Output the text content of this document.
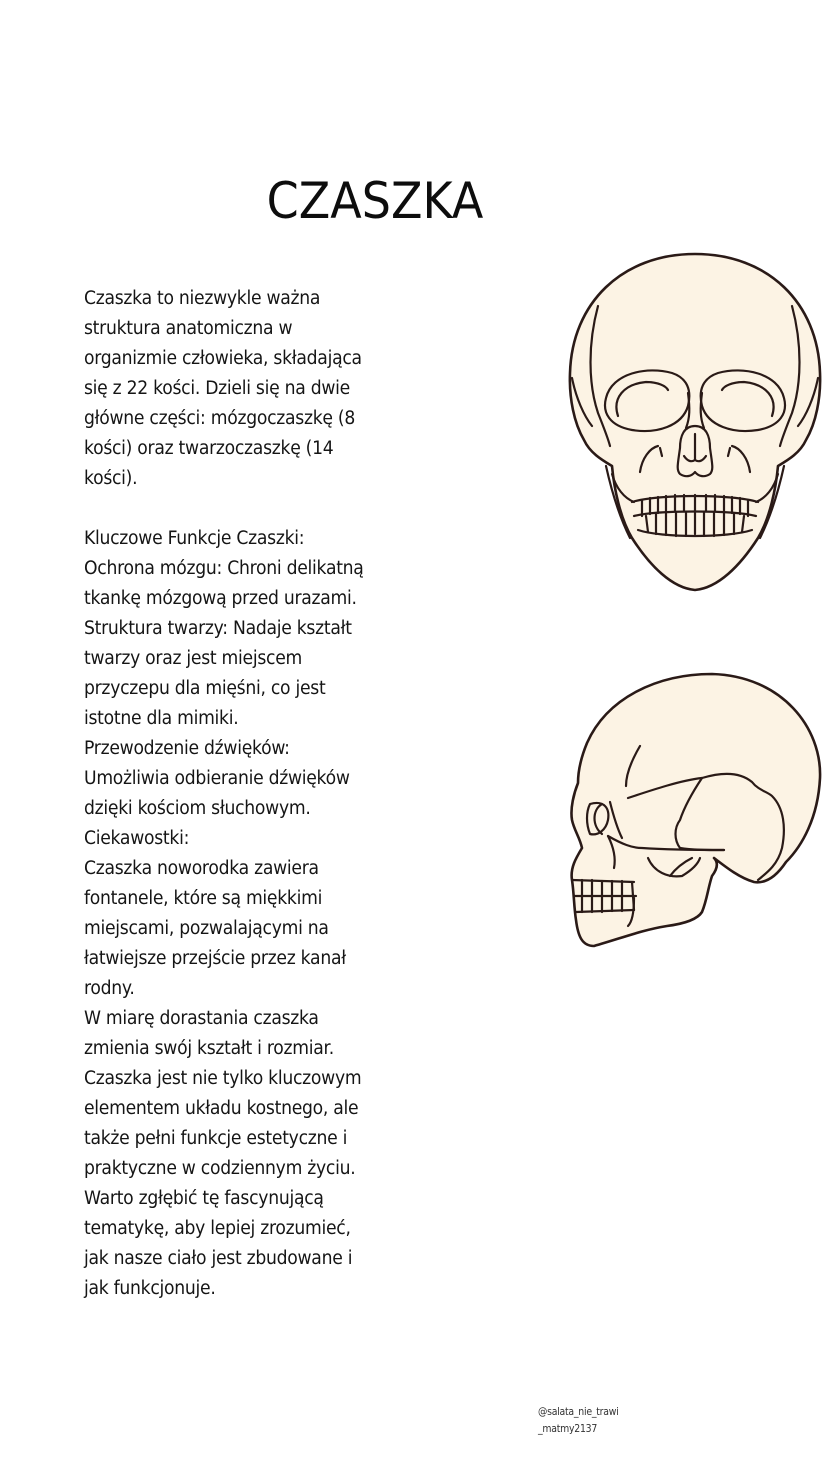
CZASZKA
Czaszka to niezwykle ważna
struktura anatomiczna w
organizmie człowieka, składająca
się z 22 kości. Dzieli się na dwie
główne części: mózgoczaszkę (8
kości) oraz twarzoczaszkę (14
kości).
Kluczowe Funkcje Czaszki:
Ochrona mózgu: Chroni delikatną
tkankę mózgową przed urazami.
Struktura twarzy: Nadaje kształt
twarzy oraz jest miejscem
przyczepu dla mięśni, co jest
istotne dla mimiki.
Przewodzenie dźwięków:
Umożliwia odbieranie dźwięków
dzięki kościom słuchowym.
Ciekawostki:
Czaszka noworodka zawiera
fontanele, które są miękkimi
miejscami, pozwalającymi na
łatwiejsze przejście przez kanał
rodny.
W miarę dorastania czaszka
zmienia swój kształt i rozmiar.
Czaszka jest nie tylko kluczowym
elementem układu kostnego, ale
także pełni funkcje estetyczne i
praktyczne w codziennym życiu.
Warto zgłębić tę fascynującą
tematykę, aby lepiej zrozumieć,
jak nasze ciało jest zbudowane i
jak funkcjonuje.
@salata_nie_trawi
_matmy2137
